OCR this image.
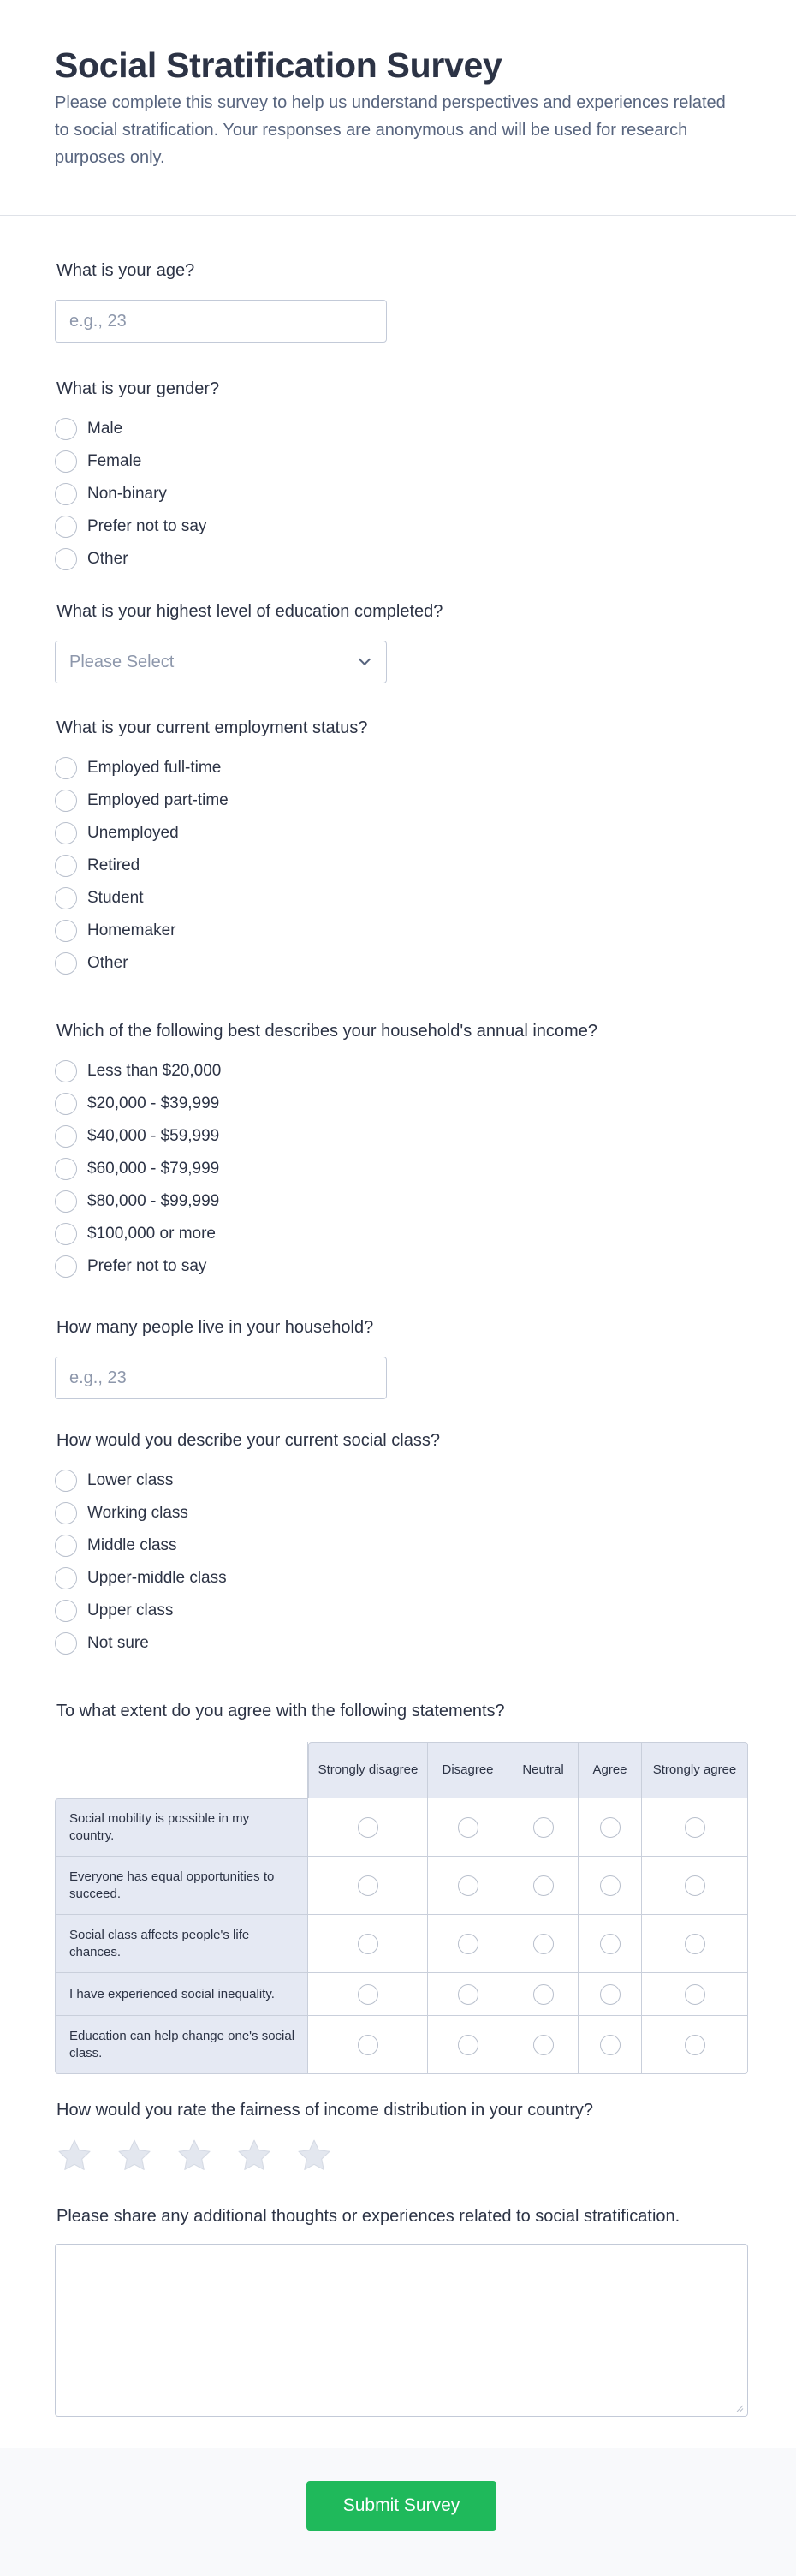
Social Stratification Survey
Please complete this survey to help us understand perspectives and experiences related to social stratification. Your responses are anonymous and will be used for research purposes only.
What is your age?
e.g., 23
What is your gender?
Male
Female
Non-binary
Prefer not to say
Other
What is your highest level of education completed?
Please Select
What is your current employment status?
Employed full-time
Employed part-time
Unemployed
Retired
Student
Homemaker
Other
Which of the following best describes your household's annual income?
Less than $20,000
$20,000 - $39,999
$40,000 - $59,999
$60,000 - $79,999
$80,000 - $99,999
$100,000 or more
Prefer not to say
How many people live in your household?
e.g., 23
How would you describe your current social class?
Lower class
Working class
Middle class
Upper-middle class
Upper class
Not sure
To what extent do you agree with the following statements?
	Strongly disagree	Disagree	Neutral	Agree	Strongly agree
Social mobility is possible in my country.					
Everyone has equal opportunities to succeed.					
Social class affects people's life chances.					
I have experienced social inequality.					
Education can help change one's social class.					
How would you rate the fairness of income distribution in your country?
Please share any additional thoughts or experiences related to social stratification.
Submit Survey
